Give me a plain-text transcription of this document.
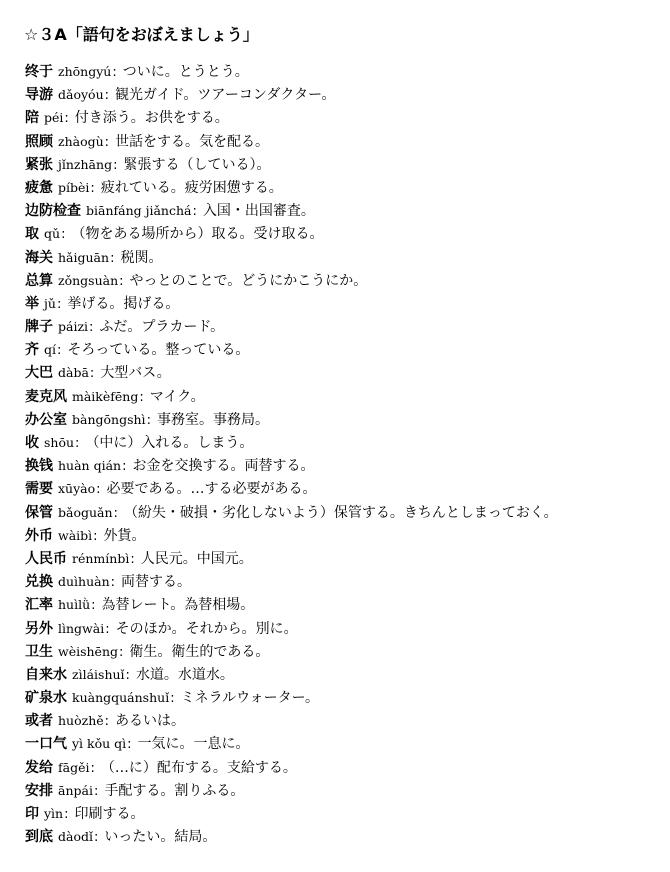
☆３A「語句をおぼえましょう」
终于 zhōngyú: ついに。とうとう。
导游 dǎoyóu: 観光ガイド。ツアーコンダクター。
陪 péi: 付き添う。お供をする。
照顾 zhàogù: 世話をする。気を配る。
紧张 jǐnzhāng: 緊張する（している）。
疲惫 píbèi: 疲れている。疲労困憊する。
边防检查 biānfáng jiǎnchá: 入国・出国審査。
取 qǔ: （物をある場所から）取る。受け取る。
海关 hǎiguān: 税関。
总算 zǒngsuàn: やっとのことで。どうにかこうにか。
举 jǔ: 挙げる。掲げる。
牌子 páizi: ふだ。プラカード。
齐 qí: そろっている。整っている。
大巴 dàbā: 大型バス。
麦克风 màikèfēng: マイク。
办公室 bàngōngshì: 事務室。事務局。
收 shōu: （中に）入れる。しまう。
换钱 huàn qián: お金を交換する。両替する。
需要 xūyào: 必要である。…する必要がある。
保管 bǎoguǎn: （紛失・破損・劣化しないよう）保管する。きちんとしまっておく。
外币 wàibì: 外貨。
人民币 rénmínbì: 人民元。中国元。
兑换 duìhuàn: 両替する。
汇率 huìlǜ: 為替レート。為替相場。
另外 lìngwài: そのほか。それから。別に。
卫生 wèishēng: 衛生。衛生的である。
自来水 zìláishuǐ: 水道。水道水。
矿泉水 kuàngquánshuǐ: ミネラルウォーター。
或者 huòzhě: あるいは。
一口气 yì kǒu qì: 一気に。一息に。
发给 fāgěi: （…に）配布する。支給する。
安排 ānpái: 手配する。割りふる。
印 yìn: 印刷する。
到底 dàodǐ: いったい。結局。
